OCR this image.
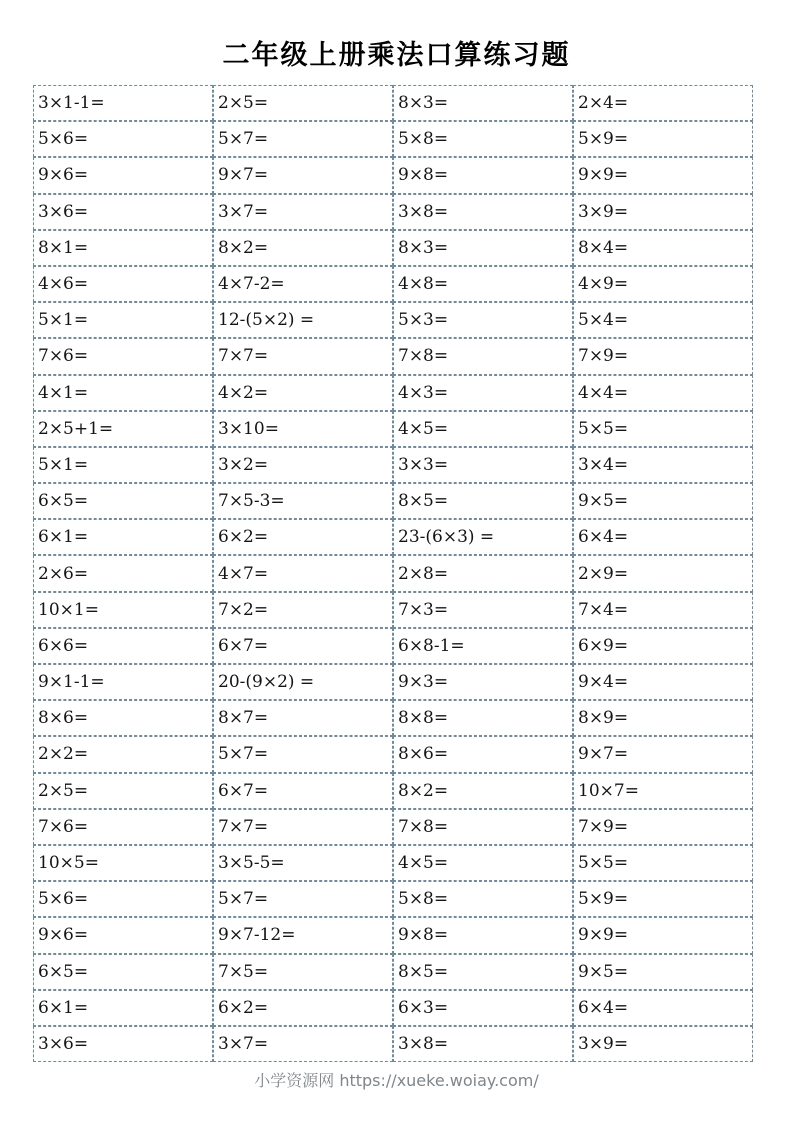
二年级上册乘法口算练习题
3×1-1=	2×5=	8×3=	2×4=
5×6=	5×7=	5×8=	5×9=
9×6=	9×7=	9×8=	9×9=
3×6=	3×7=	3×8=	3×9=
8×1=	8×2=	8×3=	8×4=
4×6=	4×7-2=	4×8=	4×9=
5×1=	12-(5×2) =	5×3=	5×4=
7×6=	7×7=	7×8=	7×9=
4×1=	4×2=	4×3=	4×4=
2×5+1=	3×10=	4×5=	5×5=
5×1=	3×2=	3×3=	3×4=
6×5=	7×5-3=	8×5=	9×5=
6×1=	6×2=	23-(6×3) =	6×4=
2×6=	4×7=	2×8=	2×9=
10×1=	7×2=	7×3=	7×4=
6×6=	6×7=	6×8-1=	6×9=
9×1-1=	20-(9×2) =	9×3=	9×4=
8×6=	8×7=	8×8=	8×9=
2×2=	5×7=	8×6=	9×7=
2×5=	6×7=	8×2=	10×7=
7×6=	7×7=	7×8=	7×9=
10×5=	3×5-5=	4×5=	5×5=
5×6=	5×7=	5×8=	5×9=
9×6=	9×7-12=	9×8=	9×9=
6×5=	7×5=	8×5=	9×5=
6×1=	6×2=	6×3=	6×4=
3×6=	3×7=	3×8=	3×9=
小学资源网 https://xueke.woiay.com/
